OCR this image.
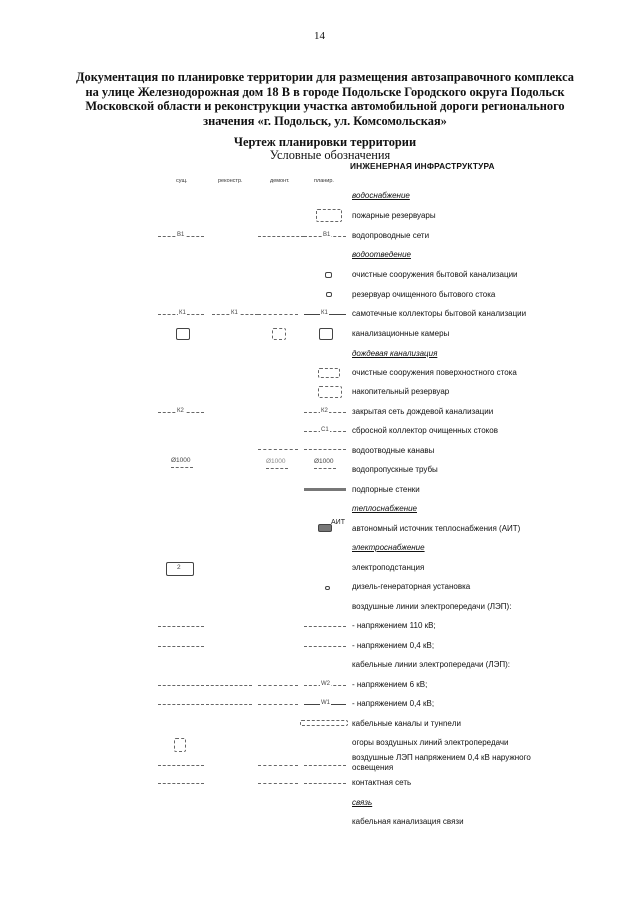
14
Документация по планировке территории для размещения автозаправочного комплекса
на улице Железнодорожная дом 18 В в городе Подольске Городского округа Подольск
Московской области и реконструкции участка автомобильной дороги регионального
значения «г. Подольск, ул. Комсомольская»
Чертеж планировки территории
Условные обозначения
ИНЖЕНЕРНАЯ ИНФРАСТРУКТУРА
сущ.	реконстр.	демонт.	планир.
водоснабжение
пожарные резервуары
водопроводные сети
водоотведение
очистные сооружения бытовой канализации
резервуар очищенного бытового стока
самотечные коллекторы бытовой канализации
канализационные камеры
дождевая канализация
очистные сооружения поверхностного стока
накопительный резервуар
закрытая сеть дождевой канализации
сбросной коллектор очищенных стоков
водоотводные канавы
водопропускные трубы
подпорные стенки
теплоснабжение
автономный источник теплоснабжения (АИТ)
электроснабжение
электроподстанция
дизель-генераторная установка
воздушные линии электропередачи (ЛЭП):
- напряжением 110 кВ;
- напряжением 0,4 кВ;
кабельные линии электропередачи (ЛЭП):
- напряжением 6 кВ;
- напряжением 0,4 кВ;
кабельные каналы и тунneли
огоры воздушных линий электропередачи
воздушные ЛЭП напряжением 0,4 кВ наружного освещения
контактная сеть
связь
кабельная канализация связи
В1	В1
К1	К1	К1
К2	К2
С1
Ø1000	Ø1000	Ø1000
АИТ
2
W2
W1
